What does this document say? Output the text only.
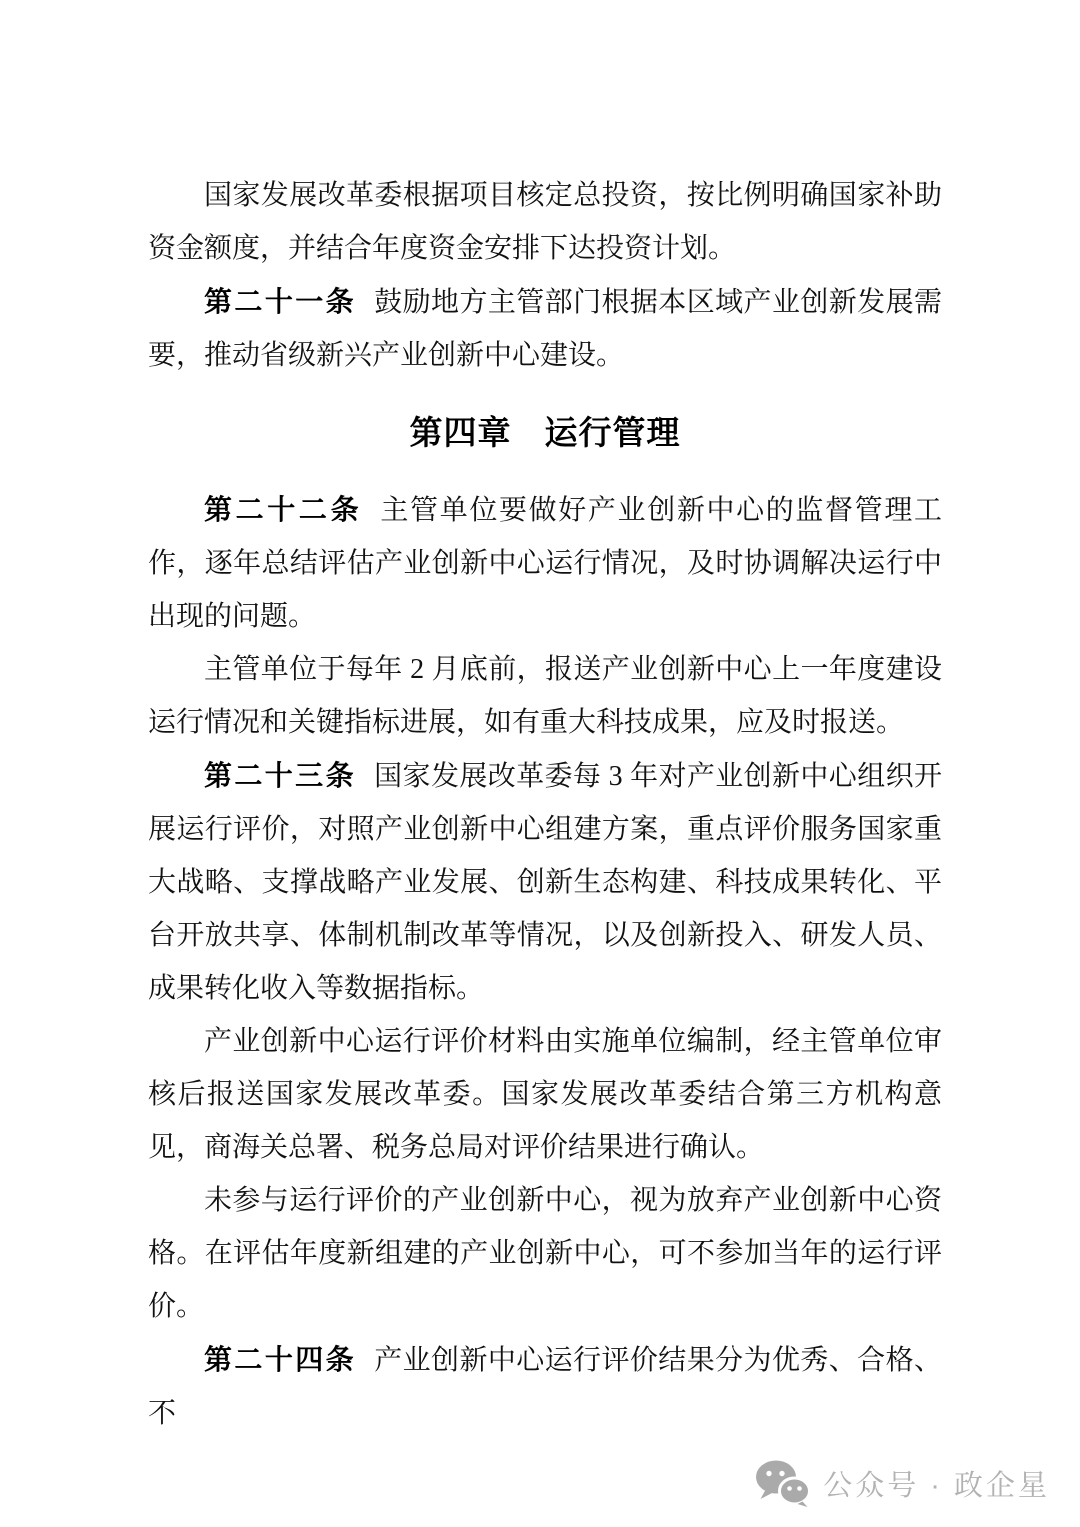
国家发展改革委根据项目核定总投资，按比例明确国家补助资金额度，并结合年度资金安排下达投资计划。

第二十一条 鼓励地方主管部门根据本区域产业创新发展需要，推动省级新兴产业创新中心建设。

第四章 运行管理

第二十二条 主管单位要做好产业创新中心的监督管理工作，逐年总结评估产业创新中心运行情况，及时协调解决运行中出现的问题。

主管单位于每年 2 月底前，报送产业创新中心上一年度建设运行情况和关键指标进展，如有重大科技成果，应及时报送。

第二十三条 国家发展改革委每 3 年对产业创新中心组织开展运行评价，对照产业创新中心组建方案，重点评价服务国家重大战略、支撑战略产业发展、创新生态构建、科技成果转化、平台开放共享、体制机制改革等情况，以及创新投入、研发人员、成果转化收入等数据指标。

产业创新中心运行评价材料由实施单位编制，经主管单位审核后报送国家发展改革委。国家发展改革委结合第三方机构意见，商海关总署、税务总局对评价结果进行确认。

未参与运行评价的产业创新中心，视为放弃产业创新中心资格。在评估年度新组建的产业创新中心，可不参加当年的运行评价。

第二十四条 产业创新中心运行评价结果分为优秀、合格、不

公众号 · 政企星
